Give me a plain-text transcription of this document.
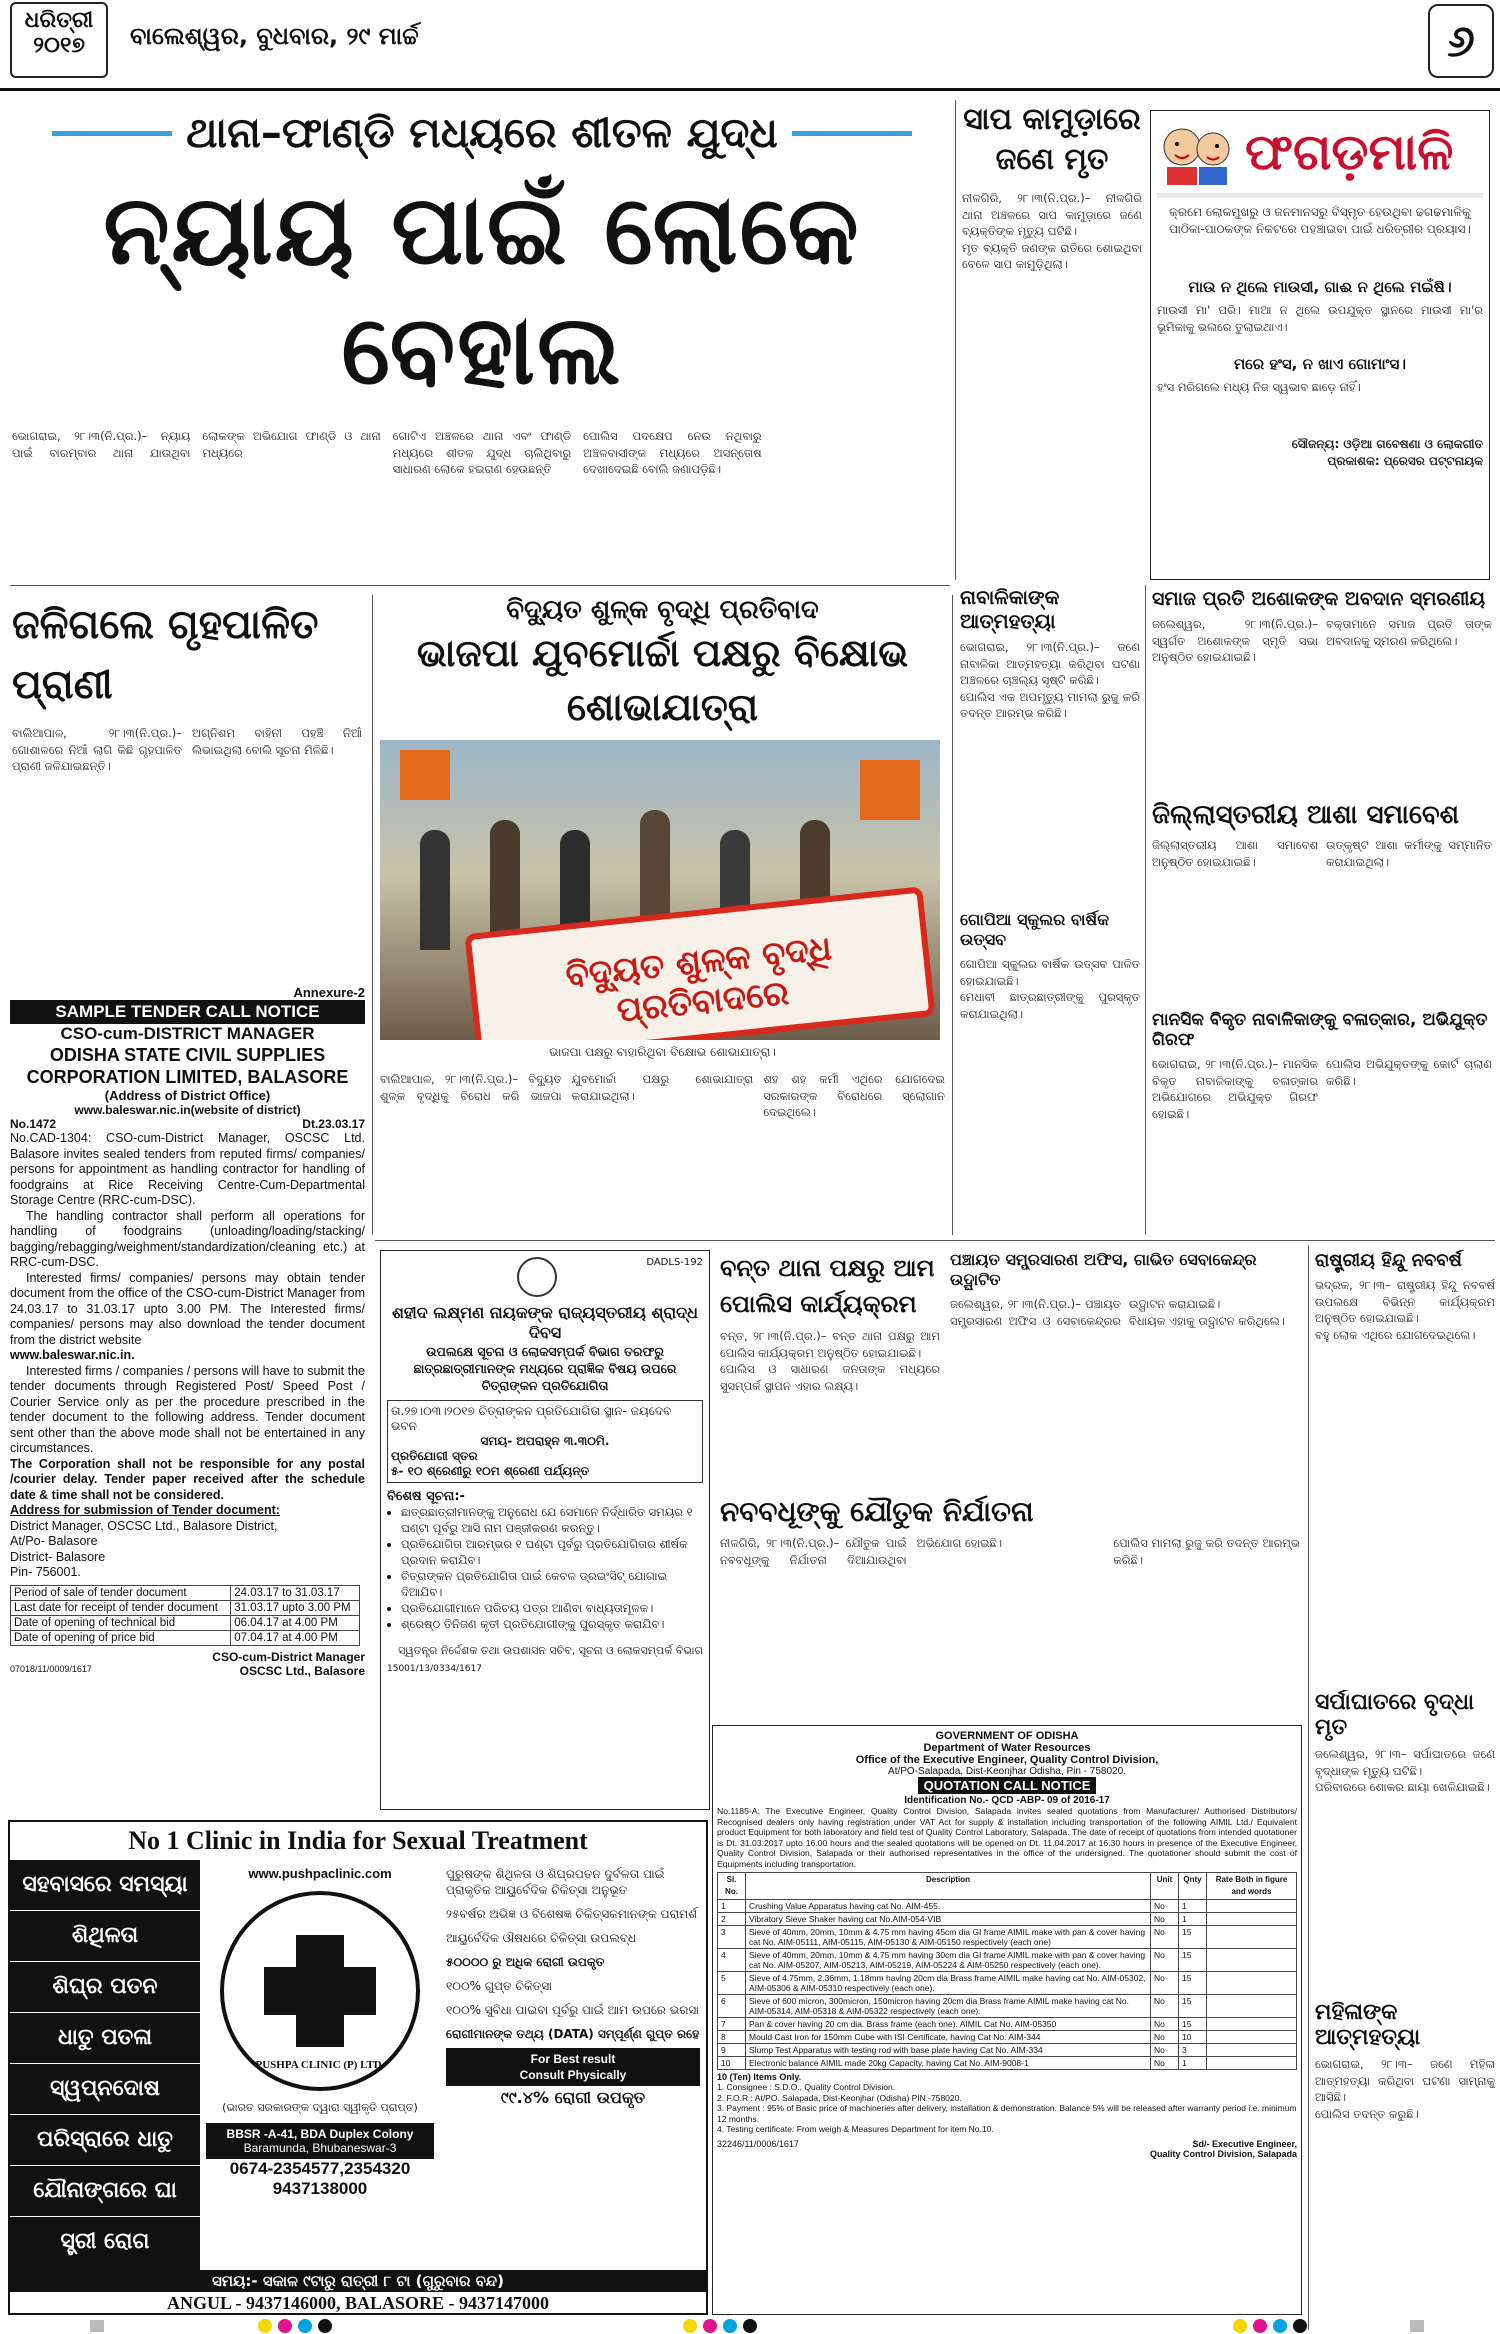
ଧରିତ୍ରୀ
୨୦୧୭	ବାଲେଶ୍ୱର, ବୁଧବାର, ୨୯ ମାର୍ଚ୍ଚ	୬
ଥାନା–ଫାଣ୍ଡି ମଧ୍ୟରେ ଶୀତଳ ଯୁଦ୍ଧ
ନ୍ୟାୟ ପାଇଁ ଲୋକେ ବେହାଲ

ଭୋଗରାଇ, ୨୮।୩(ନି.ପ୍ର.)– ନ୍ୟାୟ ପାଇଁ ବାରମ୍ବାର ଥାନା ଯାଉଥିବା ଲୋକଙ୍କ ଅଭିଯୋଗ ଫାଣ୍ଡି ଓ ଥାନା ମଧ୍ୟରେ

ଗୋଟିଏ ଅଞ୍ଚଳରେ ଥାନା ଏବଂ ଫାଣ୍ଡି ମଧ୍ୟରେ ଶୀତଳ ଯୁଦ୍ଧ ଚାଲିଥିବାରୁ ସାଧାରଣ ଲୋକେ ହଇରାଣ ହେଉଛନ୍ତି

ପୋଲିସ ପଦକ୍ଷେପ ନେଉ ନଥିବାରୁ ଅଞ୍ଚଳବାସୀଙ୍କ ମଧ୍ୟରେ ଅସନ୍ତୋଷ ଦେଖାଦେଇଛି ବୋଲି ଜଣାପଡ଼ିଛି।

ସାପ କାମୁଡ଼ାରେ ଜଣେ ମୃତ

ନୀଳଗିରି, ୨୮।୩(ନି.ପ୍ର.)– ନୀଳଗିରି ଥାନା ଅଞ୍ଚଳରେ ସାପ କାମୁଡ଼ାରେ ଜଣେ ବ୍ୟକ୍ତିଙ୍କ ମୃତ୍ୟୁ ଘଟିଛି।

ମୃତ ବ୍ୟକ୍ତି ଜଣଙ୍କ ରାତିରେ ଶୋଇଥିବା ବେଳେ ସାପ କାମୁଡ଼ିଥିଲା।

ଫଗଡ଼ମାଳି
କ୍ରମେ ଲୋକମୁଖରୁ ଓ ଜନମାନସରୁ ବିସ୍ମୃତ ହେଉଥିବା ଢଗଢମାଳିକୁ ପାଠିକା-ପାଠକଙ୍କ ନିକଟରେ ପହଞ୍ଚାଇବା ପାଇଁ ଧରିତ୍ରୀର ପ୍ରୟାସ।
ମାଉ ନ ଥିଲେ ମାଉସୀ, ଗାଈ ନ ଥିଲେ ମଇଁଷି।
ମାଉସୀ ମା' ପରି। ମାଆ ନ ଥିଲେ ଉପଯୁକ୍ତ ସ୍ଥାନରେ ମାଉସୀ ମା'ର ଭୂମିକାକୁ ଭଲରେ ତୁଲାଇଥାଏ।
ମରେ ହଂସ, ନ ଖାଏ ଗୋମାଂସ।
ହଂସ ମରିଗଲେ ମଧ୍ୟ ନିଜ ସ୍ୱଭାବ ଛାଡ଼େ ନାହିଁ।
ସୌଜନ୍ୟ: ଓଡ଼ିଆ ଗବେଷଣା ଓ ଲୋକଗୀତ
ପ୍ରକାଶକ: ପ୍ରେସର ପଟ୍ଟନାୟକ
ଜଳିଗଲେ ଗୃହପାଳିତ ପ୍ରାଣୀ

ବାଲିଆପାଳ, ୨୮।୩(ନି.ପ୍ର.)– ଗୋଶାଳରେ ନିଆଁ ଲାଗି କିଛି ଗୃହପାଳିତ ପ୍ରାଣୀ ଜଳିଯାଇଛନ୍ତି।

ଅଗ୍ନିଶମ ବାହିନୀ ପହଞ୍ଚି ନିଆଁ ଲିଭାଇଥିଲା ବୋଲି ସୂଚନା ମିଳିଛି।

ବିଦ୍ୟୁତ ଶୁଳ୍କ ବୃଦ୍ଧି ପ୍ରତିବାଦ
ଭାଜପା ଯୁବମୋର୍ଚ୍ଚା ପକ୍ଷରୁ ବିକ୍ଷୋଭ ଶୋଭାଯାତ୍ରା
ବିଦ୍ୟୁତ ଶୁଳ୍କ ବୃଦ୍ଧି ପ୍ରତିବାଦରେ
ଭାଜପା ପକ୍ଷରୁ ବାହାରିଥିବା ବିକ୍ଷୋଭ ଶୋଭାଯାତ୍ରା।

ବାଲିଆପାଳ, ୨୮।୩(ନି.ପ୍ର.)– ବିଦ୍ୟୁତ ଶୁଳ୍କ ବୃଦ୍ଧିକୁ ବିରୋଧ କରି ଭାଜପା ଯୁବମୋର୍ଚ୍ଚା ପକ୍ଷରୁ ଶୋଭାଯାତ୍ରା କରାଯାଇଥିଲା।

ଶହ ଶହ କର୍ମୀ ଏଥିରେ ଯୋଗଦେଇ ସରକାରଙ୍କ ବିରୋଧରେ ସ୍ଲୋଗାନ ଦେଇଥିଲେ।

ନାବାଳିକାଙ୍କ ଆତ୍ମହତ୍ୟା

ଭୋଗରାଇ, ୨୮।୩(ନି.ପ୍ର.)– ଜଣେ ନାବାଳିକା ଆତ୍ମହତ୍ୟା କରିଥିବା ଘଟଣା ଅଞ୍ଚଳରେ ଚାଞ୍ଚଲ୍ୟ ସୃଷ୍ଟି କରିଛି।

ପୋଲିସ ଏକ ଅପମୃତ୍ୟୁ ମାମଲା ରୁଜୁ କରି ତଦନ୍ତ ଆରମ୍ଭ କରିଛି।

ଗୋପିଆ ସ୍କୁଲର ବାର୍ଷିକ ଉତ୍ସବ

ଗୋପିଆ ସ୍କୁଲର ବାର୍ଷିକ ଉତ୍ସବ ପାଳିତ ହୋଇଯାଇଛି।

ମେଧାବୀ ଛାତ୍ରଛାତ୍ରୀଙ୍କୁ ପୁରସ୍କୃତ କରାଯାଇଥିଲା।

ସମାଜ ପ୍ରତି ଅଶୋକଙ୍କ ଅବଦାନ ସ୍ମରଣୀୟ

ଜଲେଶ୍ୱର, ୨୮।୩(ନି.ପ୍ର.)– ସ୍ୱର୍ଗତ ଅଶୋକଙ୍କ ସ୍ମୃତି ସଭା ଅନୁଷ୍ଠିତ ହୋଇଯାଇଛି।

ବକ୍ତାମାନେ ସମାଜ ପ୍ରତି ତାଙ୍କ ଅବଦାନକୁ ସ୍ମରଣ କରିଥିଲେ।

ଜିଲ୍ଲାସ୍ତରୀୟ ଆଶା ସମାବେଶ

ଜିଲ୍ଲାସ୍ତରୀୟ ଆଶା ସମାବେଶ ଅନୁଷ୍ଠିତ ହୋଇଯାଇଛି।

ଉତ୍କୃଷ୍ଟ ଆଶା କର୍ମୀଙ୍କୁ ସମ୍ମାନିତ କରାଯାଇଥିଲା।

ମାନସିକ ବିକୃତ ନାବାଳିକାଙ୍କୁ ବଳାତ୍କାର, ଅଭିଯୁକ୍ତ ଗିରଫ

ଭୋଗରାଇ, ୨୮।୩(ନି.ପ୍ର.)– ମାନସିକ ବିକୃତ ନାବାଳିକାଙ୍କୁ ବଳାତ୍କାର ଅଭିଯୋଗରେ ଅଭିଯୁକ୍ତ ଗିରଫ ହୋଇଛି।

ପୋଲିସ ଅଭିଯୁକ୍ତଙ୍କୁ କୋର୍ଟ ଚାଲାଣ କରିଛି।

Annexure-2
SAMPLE TENDER CALL NOTICE
CSO-cum-DISTRICT MANAGER
ODISHA STATE CIVIL SUPPLIES CORPORATION LIMITED, BALASORE
(Address of District Office)
www.baleswar.nic.in(website of district)
No.1472	Dt.23.03.17

No.CAD-1304: CSO-cum-District Manager, OSCSC Ltd. Balasore invites sealed tenders from reputed firms/ companies/ persons for appointment as handling contractor for handling of foodgrains at Rice Receiving Centre-Cum-Departmental Storage Centre (RRC-cum-DSC).

The handling contractor shall perform all operations for handling of foodgrains (unloading/loading/stacking/ bagging/rebagging/weighment/standardization/cleaning etc.) at RRC-cum-DSC.

Interested firms/ companies/ persons may obtain tender document from the office of the CSO-cum-District Manager from 24.03.17 to 31.03.17 upto 3.00 PM. The Interested firms/ companies/ persons may also download the tender document from the district website

www.baleswar.nic.in.

Interested firms / companies / persons will have to submit the tender documents through Registered Post/ Speed Post / Courier Service only as per the procedure prescribed in the tender document to the following address. Tender document sent other than the above mode shall not be entertained in any circumstances.

The Corporation shall not be responsible for any postal /courier delay. Tender paper received after the schedule date & time shall not be considered.

Address for submission of Tender document:

District Manager, OSCSC Ltd., Balasore District,

At/Po- Balasore

District- Balasore

Pin- 756001.

Period of sale of tender document	24.03.17 to 31.03.17
Last date for receipt of tender document	31.03.17 upto 3.00 PM
Date of opening of technical bid	06.04.17 at 4.00 PM
Date of opening of price bid	07.04.17 at 4.00 PM
CSO-cum-District Manager
07018/11/0009/1617	OSCSC Ltd., Balasore
DADLS-192
ଶହୀଦ ଲକ୍ଷ୍ମଣ ନାୟକଙ୍କ ରାଜ୍ୟସ୍ତରୀୟ ଶ୍ରାଦ୍ଧ ଦିବସ
ଉପଲକ୍ଷେ ସୂଚନା ଓ ଲୋକସମ୍ପର୍କ ବିଭାଗ ତରଫରୁ ଛାତ୍ରଛାତ୍ରୀମାନଙ୍କ ମଧ୍ୟରେ ପ୍ରାଜ୍ଞିକ ବିଷୟ ଉପରେ ଚିତ୍ରାଙ୍କନ ପ୍ରତିଯୋଗିତା
ତା.୨୭।୦୩।୨୦୧୭ ଚିତ୍ରାଙ୍କନ ପ୍ରତିଯୋଗିତା ସ୍ଥାନ- ଜୟଦେବ ଭବନ
ସମୟ- ଅପରାହ୍ନ ୩.୩୦ମି.
ପ୍ରତିଯୋଗୀ ସ୍ତର
୫- ୧୦ ଶ୍ରେଣୀରୁ ୧୦ମ ଶ୍ରେଣୀ ପର୍ଯ୍ୟନ୍ତ
ବିଶେଷ ସୂଚନା:-
• ଛାତ୍ରଛାତ୍ରୀମାନଙ୍କୁ ଅନୁରୋଧ ଯେ ସେମାନେ ନିର୍ଦ୍ଧାରିତ ସମୟର ୧ ଘଣ୍ଟା ପୂର୍ବରୁ ଆସି ନାମ ପଞ୍ଜୀକରଣ କରନ୍ତୁ।
• ପ୍ରତିଯୋଗିତା ଆରମ୍ଭର ୧ ଘଣ୍ଟା ପୂର୍ବରୁ ପ୍ରତିଯୋଗିତାର ଶୀର୍ଷକ ପ୍ରଦାନ କରାଯିବ।
• ଚିତ୍ରାଙ୍କନ ପ୍ରତିଯୋଗିତା ପାଇଁ କେବଳ ଡ୍ରଇଂସିଟ୍ ଯୋଗାଇ ଦିଆଯିବ।
• ପ୍ରତିଯୋଗୀମାନେ ପରିଚୟ ପତ୍ର ଆଣିବା ବାଧ୍ୟତାମୂଳକ।
• ଶ୍ରେଷ୍ଠ ତିନିଜଣ କୃତୀ ପ୍ରତିଯୋଗୀଙ୍କୁ ପୁରସ୍କୃତ କରାଯିବ।
ସ୍ୱତନ୍ତ୍ର ନିର୍ଦ୍ଦେଶକ ତଥା ଉପଶାସନ ସଚିବ, ସୂଚନା ଓ ଲୋକସମ୍ପର୍କ ବିଭାଗ
15001/13/0334/1617
ବନ୍ତ ଥାନା ପକ୍ଷରୁ ଆମ ପୋଲିସ କାର୍ଯ୍ୟକ୍ରମ

ବନ୍ତ, ୨୮।୩(ନି.ପ୍ର.)– ବନ୍ତ ଥାନା ପକ୍ଷରୁ ଆମ ପୋଲିସ କାର୍ଯ୍ୟକ୍ରମ ଅନୁଷ୍ଠିତ ହୋଇଯାଇଛି।

ପୋଲିସ ଓ ସାଧାରଣ ଜନତାଙ୍କ ମଧ୍ୟରେ ସୁସମ୍ପର୍କ ସ୍ଥାପନ ଏହାର ଲକ୍ଷ୍ୟ।

ପଞ୍ଚାୟତ ସମ୍ପ୍ରସାରଣ ଅଫିସ, ଗାଭିତ ସେବାକେନ୍ଦ୍ର ଉଦ୍ଘାଟିତ

ଜଲେଶ୍ୱର, ୨୮।୩(ନି.ପ୍ର.)– ପଞ୍ଚାୟତ ସମ୍ପ୍ରସାରଣ ଅଫିସ ଓ ସେବାକେନ୍ଦ୍ରର ଉଦ୍ଘାଟନ କରାଯାଇଛି।

ବିଧାୟକ ଏହାକୁ ଉଦ୍ଘାଟନ କରିଥିଲେ।

ନବବଧୂଙ୍କୁ ଯୌତୁକ ନିର୍ଯାତନା

ନୀଳଗିରି, ୨୮।୩(ନି.ପ୍ର.)– ଯୌତୁକ ପାଇଁ ନବବଧୂଙ୍କୁ ନିର୍ଯାତନା ଦିଆଯାଉଥିବା ଅଭିଯୋଗ ହୋଇଛି।	ପୋଲିସ ମାମଲା ରୁଜୁ କରି ତଦନ୍ତ ଆରମ୍ଭ କରିଛି।

ରାଷ୍ଟ୍ରୀୟ ହିନ୍ଦୁ ନବବର୍ଷ

ଭଦ୍ରକ, ୨୮।୩– ରାଷ୍ଟ୍ରୀୟ ହିନ୍ଦୁ ନବବର୍ଷ ଉପଲକ୍ଷେ ବିଭିନ୍ନ କାର୍ଯ୍ୟକ୍ରମ ଅନୁଷ୍ଠିତ ହୋଇଯାଇଛି।

ବହୁ ଲୋକ ଏଥିରେ ଯୋଗଦେଇଥିଲେ।

ସର୍ପାଘାତରେ ବୃଦ୍ଧା ମୃତ

ଜଲେଶ୍ୱର, ୨୮।୩– ସର୍ପାଘାତରେ ଜଣେ ବୃଦ୍ଧାଙ୍କ ମୃତ୍ୟୁ ଘଟିଛି।

ପରିବାରରେ ଶୋକର ଛାୟା ଖେଳିଯାଇଛି।

ମହିଳାଙ୍କ ଆତ୍ମହତ୍ୟା

ଭୋଗରାଇ, ୨୮।୩– ଜଣେ ମହିଳା ଆତ୍ମହତ୍ୟା କରିଥିବା ଘଟଣା ସାମ୍ନାକୁ ଆସିଛି।

ପୋଲିସ ତଦନ୍ତ କରୁଛି।

GOVERNMENT OF ODISHA
Department of Water Resources
Office of the Executive Engineer, Quality Control Division,
At/PO-Salapada, Dist-Keonjhar Odisha, Pin - 758020.
QUOTATION CALL NOTICE
Identification No.- QCD -ABP- 09 of 2016-17
No.1185-A: The Executive Engineer, Quality Control Division, Salapada invites sealed quotations from Manufacturer/ Authorised Distributors/ Recognised dealers only having registration under VAT Act for supply & installation including transportation of the following AIMIL Ltd./ Equivalent product Equipment for both laboratory and field test of Quality Control Laboratory, Salapada. The date of receipt of quotations from intended quotationer is Dt. 31.03.2017 upto 16.00 hours and the sealed quotations will be opened on Dt. 11.04.2017 at 16.30 hours in presence of the Executive Engineer, Quality Control Division, Salapada or their authorised representatives in the office of the undersigned. The quotationer should submit the cost of Equipments including transportation.
Sl. No.	Description	Unit	Qnty	Rate Both in figure and words
1	Crushing Value Apparatus having cat No. AIM-455.	No	1	
2	Vibratory Sieve Shaker having cat No.AIM-054-VIB	No	1	
3	Sieve of 40mm, 20mm, 10mm & 4.75 mm having 45cm dia GI frame AIMIL make with pan & cover having cat No. AIM-05111, AIM-05115, AIM-05130 & AIM-05150 respectively (each one)	No	15	
4	Sieve of 40mm, 20mm, 10mm & 4.75 mm having 30cm dia GI frame AIMIL make with pan & cover having cat No. AIM-05207, AIM-05213, AIM-05219, AIM-05224 & AIM-05250 respectively (each one).	No	15	
5	Sieve of 4.75mm, 2.36mm, 1.18mm having 20cm dia Brass frame AIMIL make having cat No. AIM-05302, AIM-05306 & AIM-05310 respectively (each one).	No	15	
6	Sieve of 600 micron, 300micron, 150micron having 20cm dia Brass frame AIMIL make having cat No. AIM-05314, AIM-05318 & AIM-05322 respectively (each one).	No	15	
7	Pan & cover having 20 cm dia. Brass frame (each one). AIMIL Cat No. AIM-05350	No	15	
8	Mould Cast Iron for 150mm Cube with ISI Certificate, having Cat No. AIM-344	No	10	
9	Slump Test Apparatus with testing rod with base plate having Cat No. AIM-334	No	3	
10	Electronic balance AIMIL made 20kg Capacity, having Cat No. AIM-9008-1	No	1	
10 (Ten) Items Only.
1. Consignee : S.D.O., Quality Control Division.
2. F.O.R : At/PO. Salapada, Dist-Keonjhar (Odisha) PIN -758020.
3. Payment : 95% of Basic price of machineries after delivery, installation & demonstration. Balance 5% will be released after warranty period i.e. minimum 12 months.
4. Testing certificate: From weigh & Measures Department for item No.10.
32246/11/0006/1617	Sd/- Executive Engineer,
Quality Control Division, Salapada
No 1 Clinic in India for Sexual Treatment
ସହବାସରେ ସମସ୍ୟା
ଶିଥିଳତା
ଶିଘ୍ର ପତନ
ଧାତୁ ପତଳା
ସ୍ୱପ୍ନଦୋଷ
ପରିସ୍ରାରେ ଧାତୁ
ଯୌନାଙ୍ଗରେ ଘା
ସ୍ତ୍ରୀ ରୋଗ
www.pushpaclinic.com
PUSHPA CLINIC (P) LTD.
(ଭାରତ ସରକାରଙ୍କ ଦ୍ୱାରା ସ୍ୱୀକୃତି ପ୍ରାପ୍ତ)
BBSR -A-41, BDA Duplex Colony
Baramunda, Bhubaneswar-3
0674-2354577,2354320
9437138000
ପୁରୁଷଙ୍କ ଶିଥିଳତା ଓ ଶିଘ୍ରପତନ ଦୁର୍ବଳତା ପାଇଁ ପ୍ରାକୃତିକ ଆୟୁର୍ବେଦିକ ଚିକିତ୍ସା ଅନୁଭୂତ
୨୫ବର୍ଷର ଅଭିଜ୍ଞ ଓ ବିଶେଷଜ୍ଞ ଚିକିତ୍ସକମାନଙ୍କ ପରାମର୍ଶ
ଆୟୁର୍ବେଦିକ ଔଷଧରେ ଚିକିତ୍ସା ଉପଲବ୍ଧ
୫୦୦୦୦ ରୁ ଅଧିକ ରୋଗୀ ଉପକୃତ
୧୦୦% ଗୁପ୍ତ ଚିକିତ୍ସା
୧୦୦% ସୁବିଧା ପାଇବା ପୂର୍ବରୁ ପାଇଁ ଆମ ଉପରେ ଭରସା
ରୋଗୀମାନଙ୍କ ତଥ୍ୟ (DATA) ସମ୍ପୂର୍ଣ୍ଣ ଗୁପ୍ତ ରହେ
For Best result
Consult Physically
୯୯.୪% ରୋଗୀ ଉପକୃତ
ସମୟ:- ସକାଳ ୯ଟାରୁ ରାତ୍ରୀ ୮ ଟା (ଗୁରୁବାର ବନ୍ଦ)
ANGUL - 9437146000, BALASORE - 9437147000
